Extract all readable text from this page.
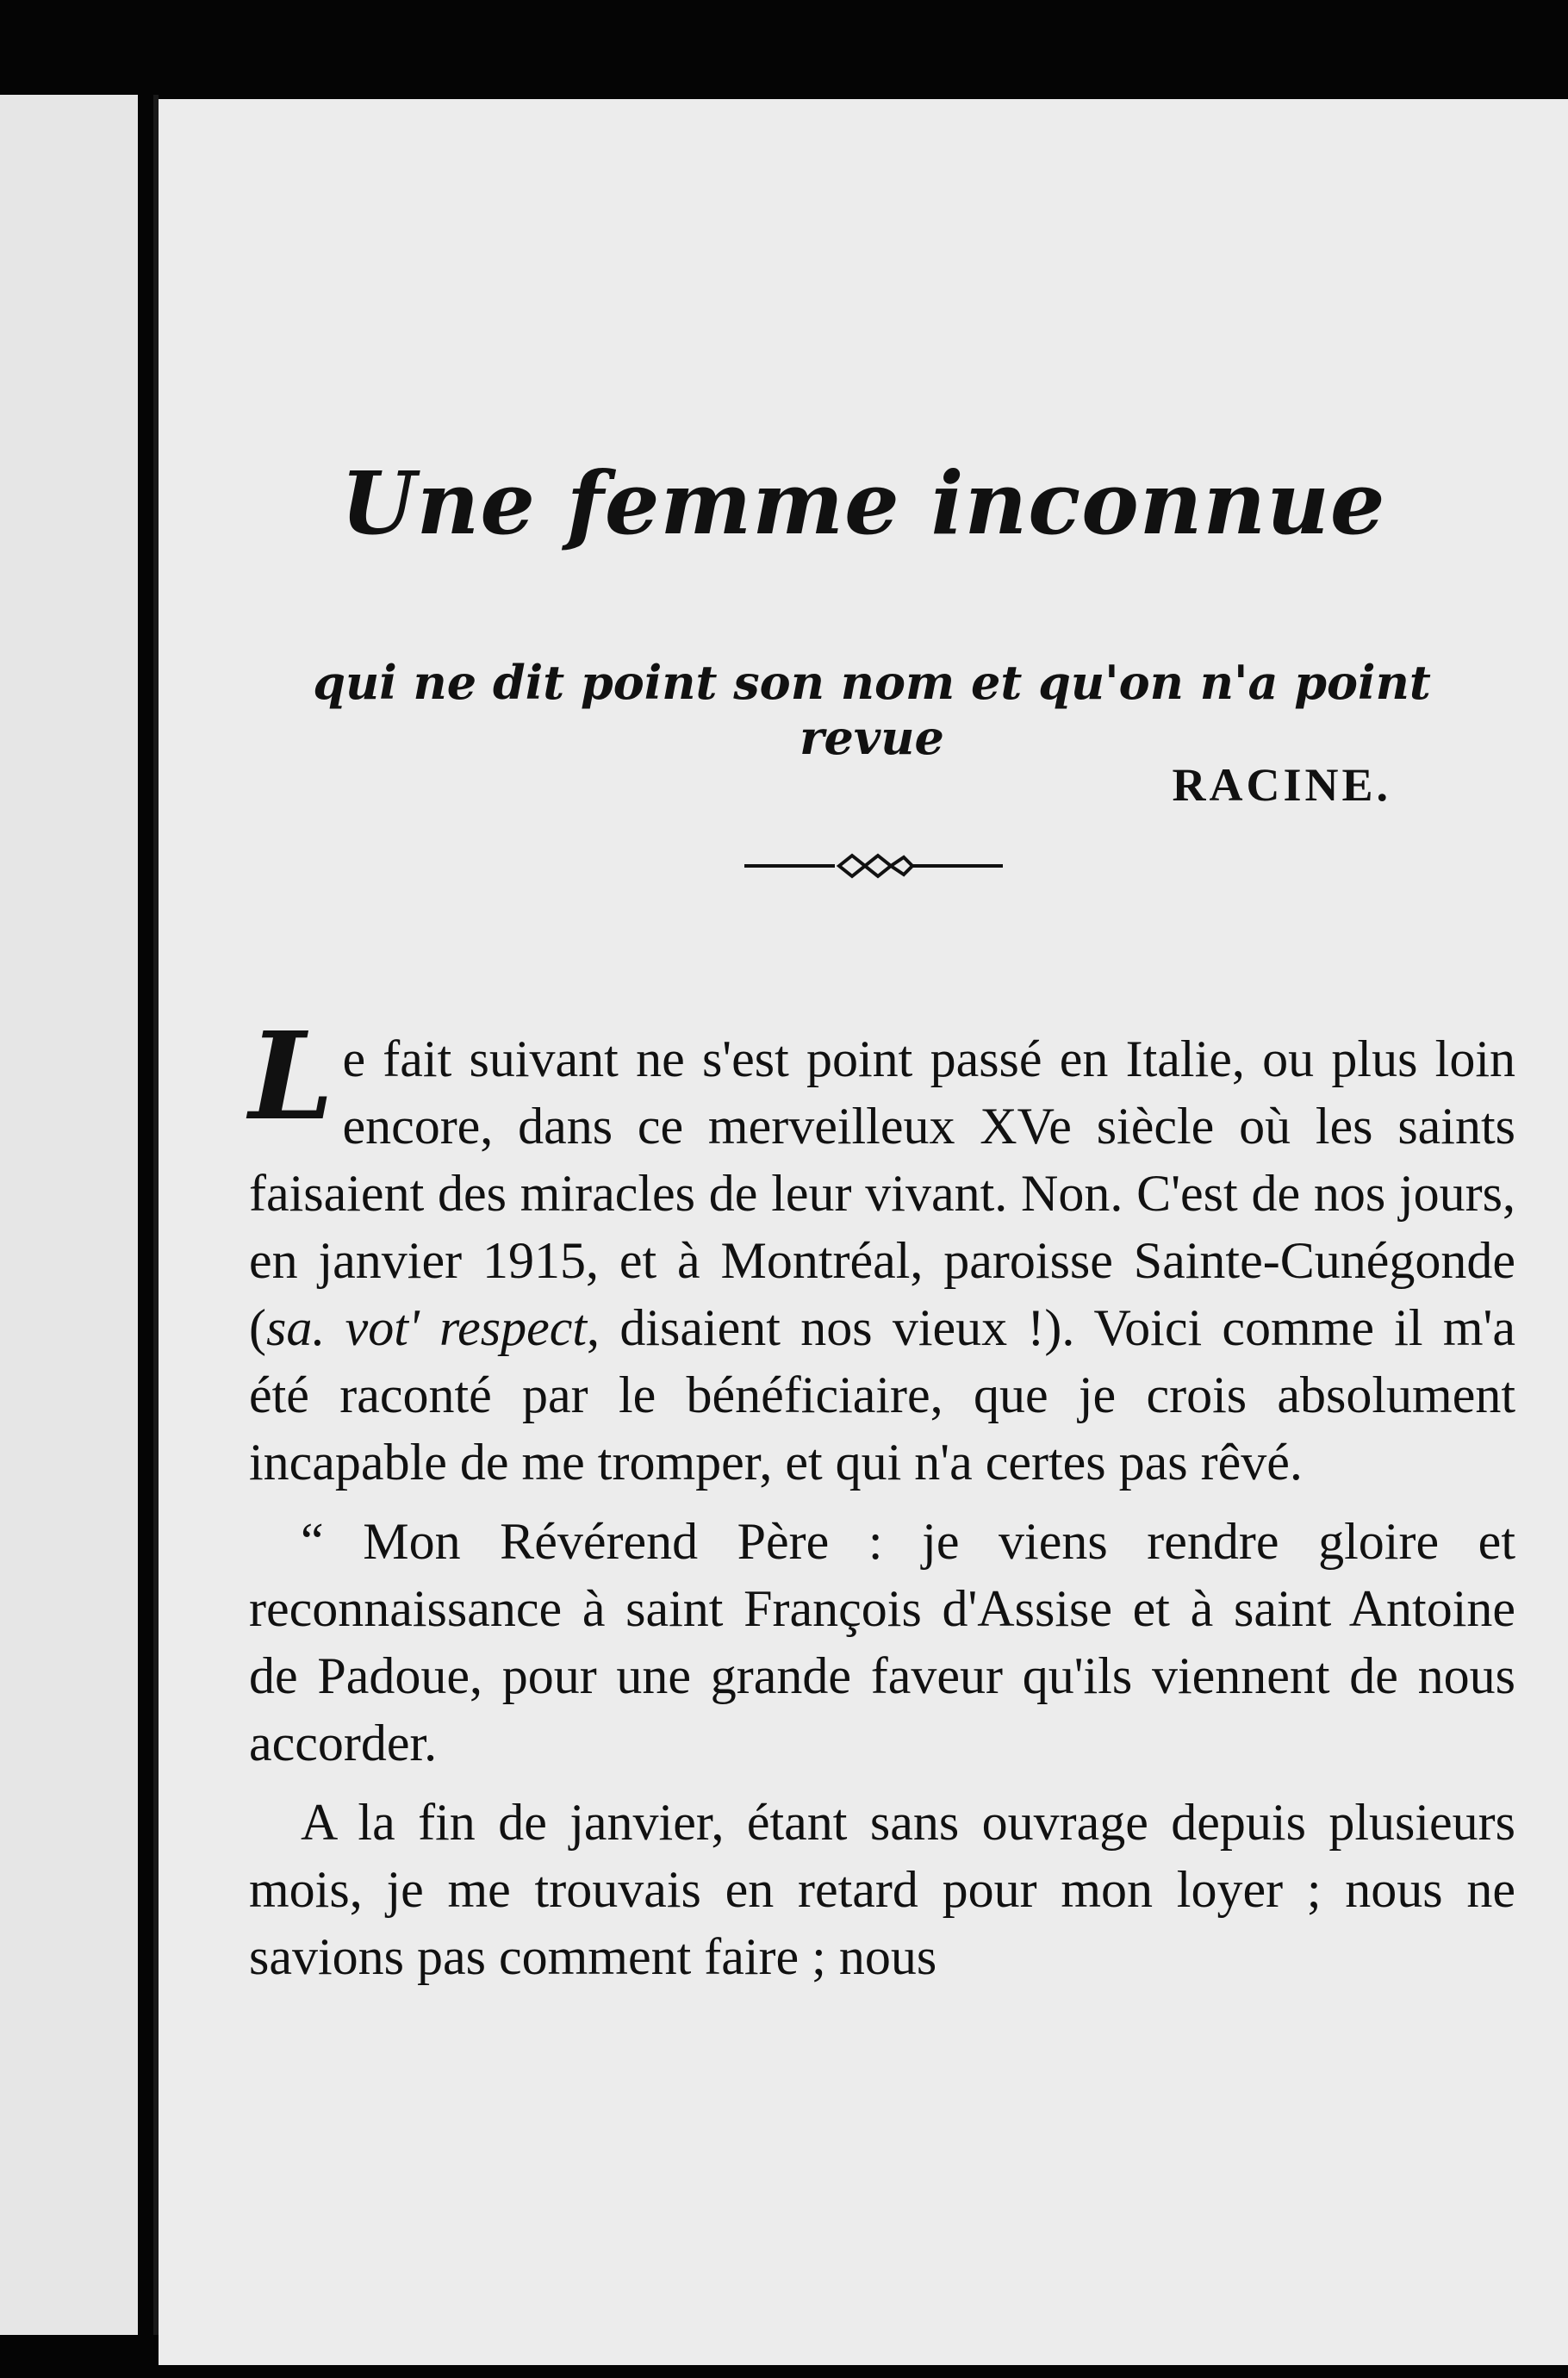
Une femme inconnue
qui ne dit point son nom et qu'on n'a point revue
RACINE.

Le fait suivant ne s'est point passé en Italie, ou plus loin encore, dans ce merveilleux XVe siècle où les saints faisaient des miracles de leur vivant. Non. C'est de nos jours, en janvier 1915, et à Montréal, paroisse Sainte-Cunégonde (sa. vot' respect, disaient nos vieux !). Voici comme il m'a été raconté par le bénéficiaire, que je crois absolument incapable de me tromper, et qui n'a certes pas rêvé.

“ Mon Révérend Père : je viens rendre gloire et reconnaissance à saint François d'Assise et à saint Antoine de Padoue, pour une grande faveur qu'ils viennent de nous accorder.

A la fin de janvier, étant sans ouvrage depuis plusieurs mois, je me trouvais en retard pour mon loyer ; nous ne savions pas comment faire ; nous
